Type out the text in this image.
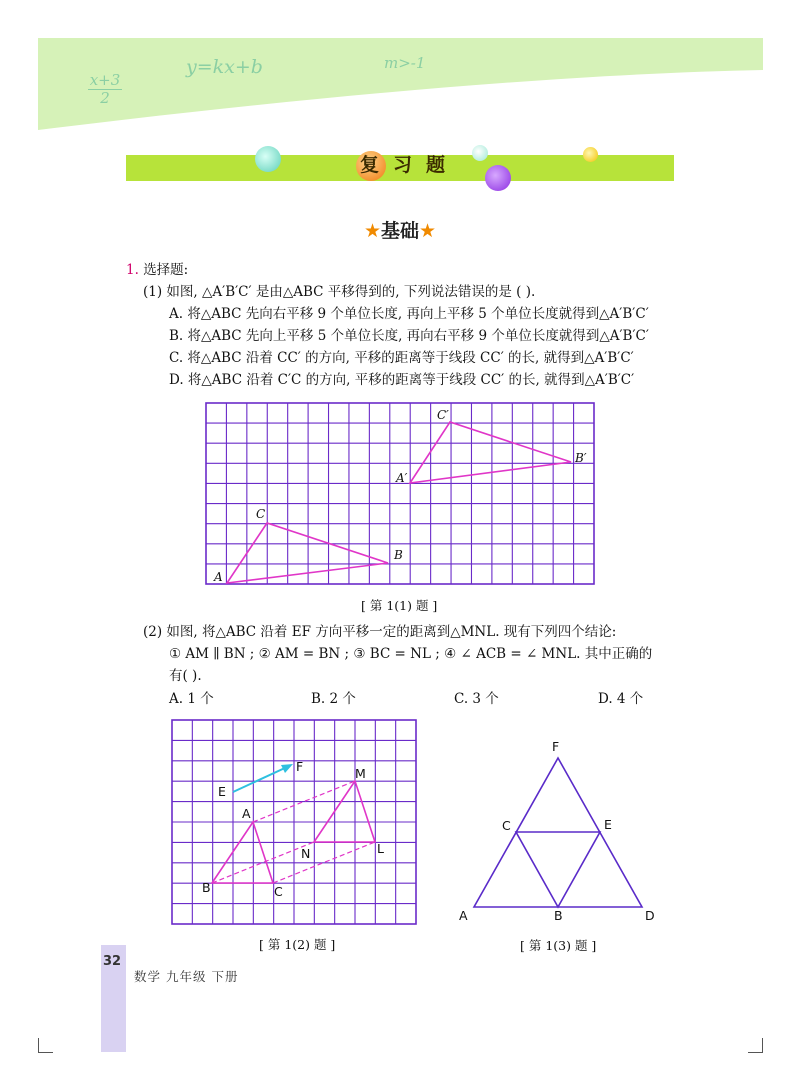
$\frac{x+3}{2}$
y=kx+b	m>-1
复习题
★基础★
1. 选择题:
(1) 如图, △A′B′C′ 是由△ABC 平移得到的, 下列说法错误的是 ( ).
A. 将△ABC 先向右平移 9 个单位长度, 再向上平移 5 个单位长度就得到△A′B′C′
B. 将△ABC 先向上平移 5 个单位长度, 再向右平移 9 个单位长度就得到△A′B′C′
C. 将△ABC 沿着 CC′ 的方向, 平移的距离等于线段 CC′ 的长, 就得到△A′B′C′
D. 将△ABC 沿着 C′C 的方向, 平移的距离等于线段 CC′ 的长, 就得到△A′B′C′
A
C
B
A′
C′
B′
[ 第 1(1) 题 ]
(2) 如图, 将△ABC 沿着 EF 方向平移一定的距离到△MNL. 现有下列四个结论:
① AM ∥ BN ; ② AM = BN ; ③ BC = NL ; ④ ∠ ACB = ∠ MNL. 其中正确的
有( ).
A. 1 个	B. 2 个	C. 3 个	D. 4 个
E
F
A
M
N	L
B	C
[ 第 1(2) 题 ]
F
C	E
A	B	D
[ 第 1(3) 题 ]
32
数学 九年级 下册
